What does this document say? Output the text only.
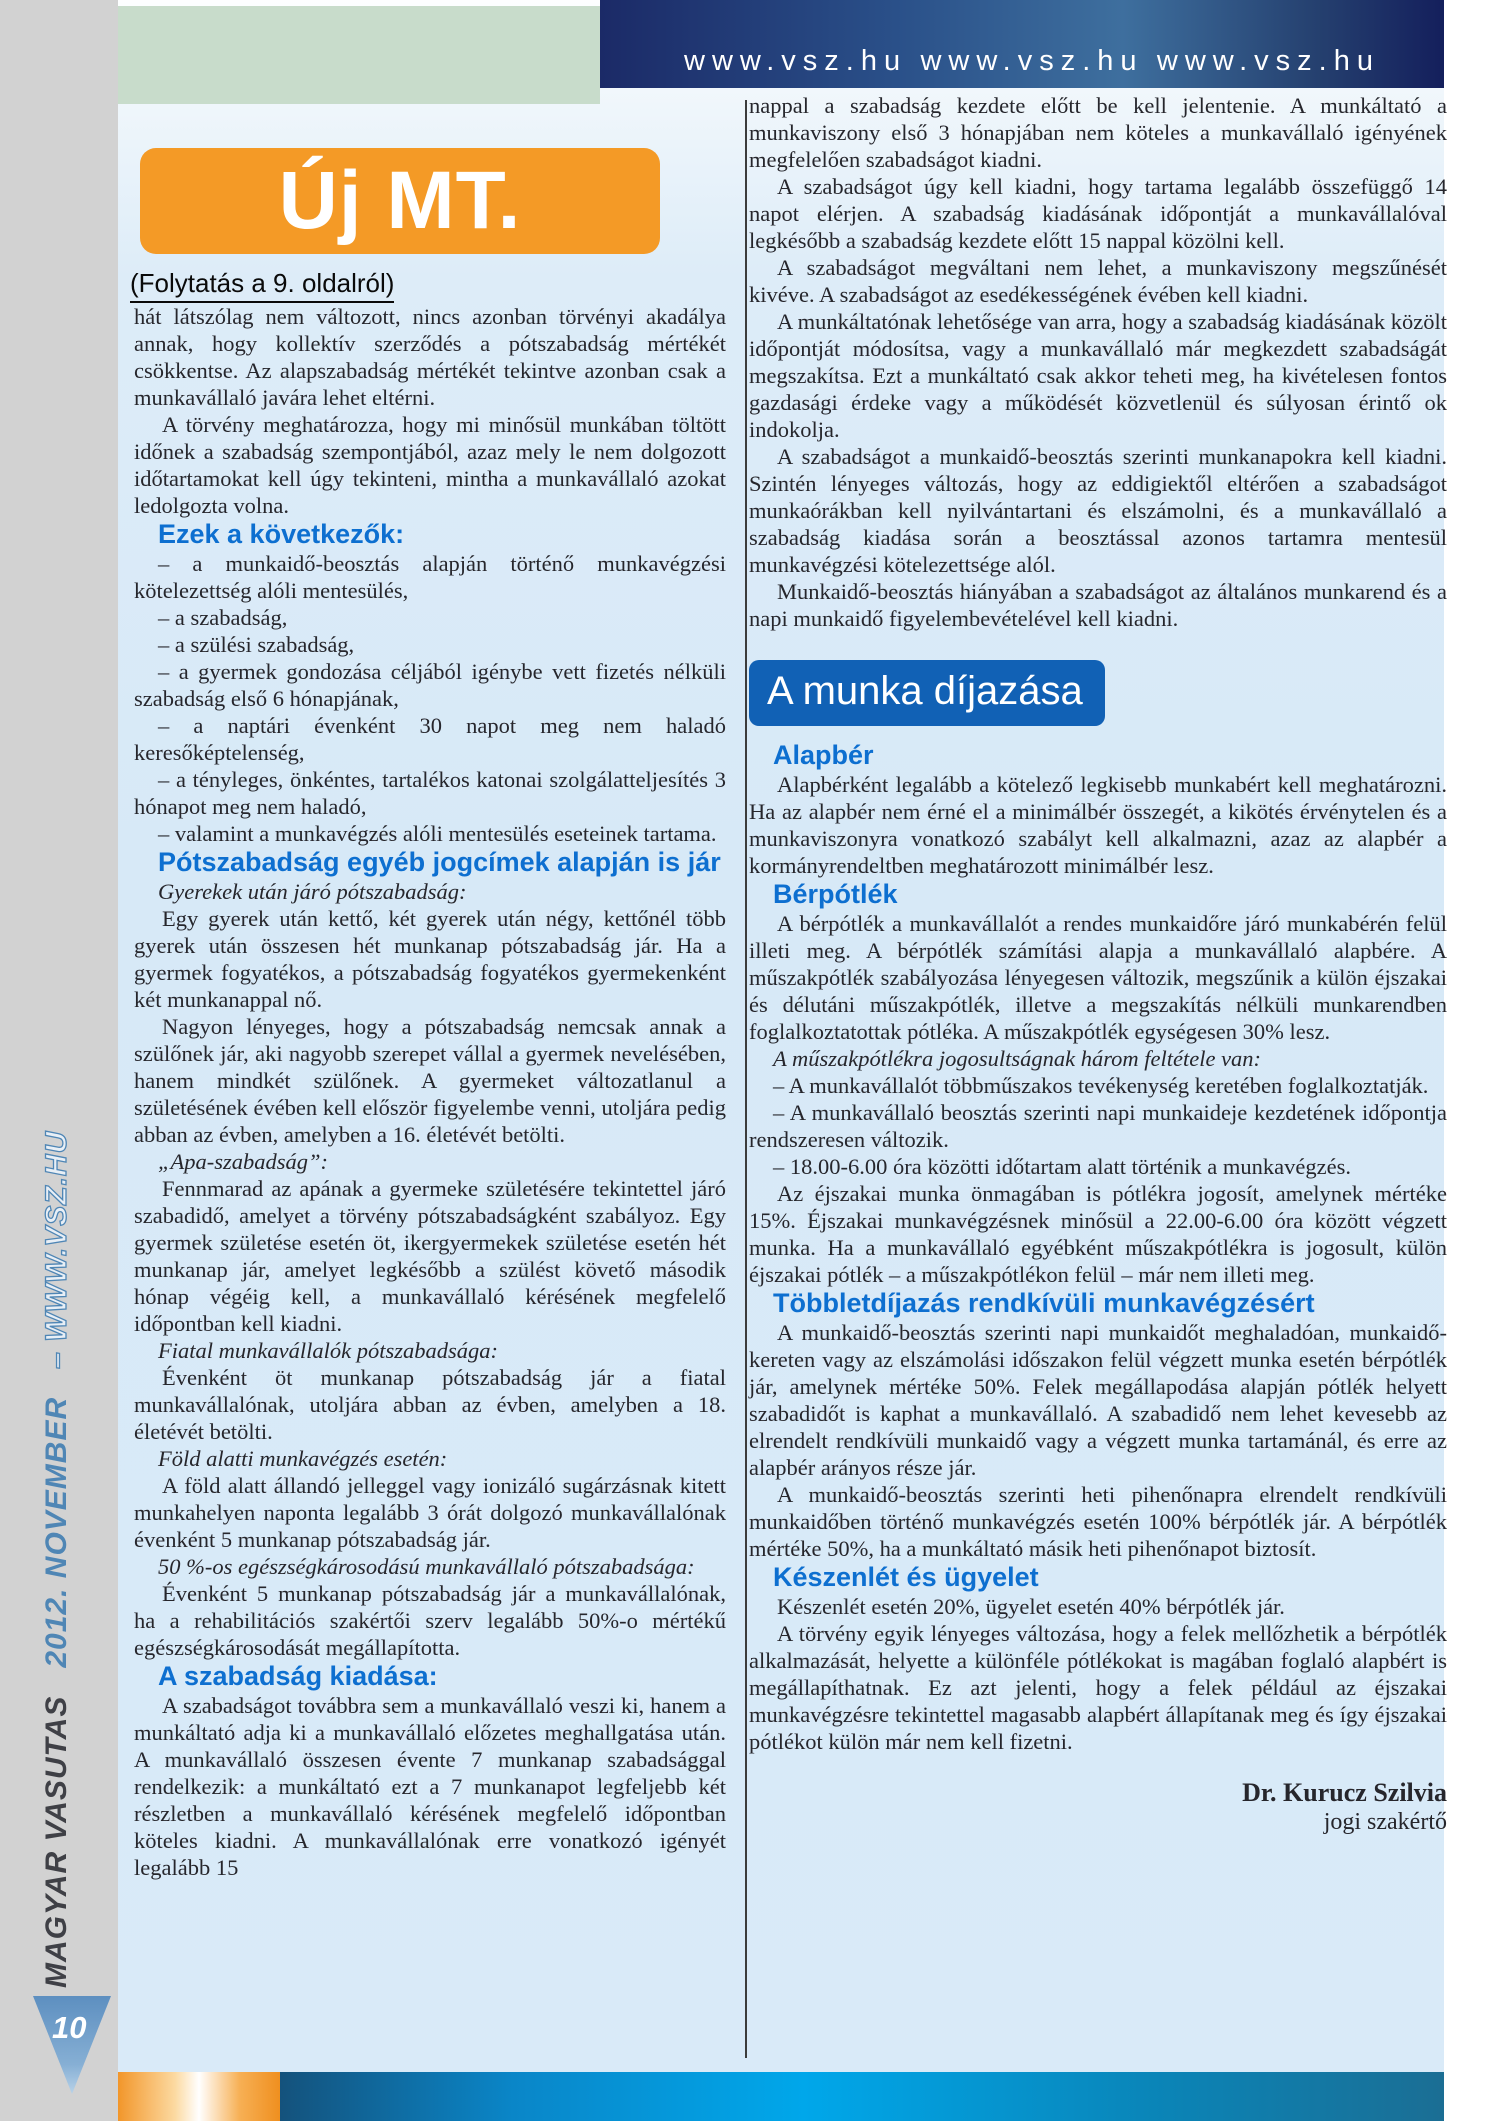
MAGYAR VASUTAS   2012. NOVEMBER   – WWW.VSZ.HU
10
www.vsz.hu www.vsz.hu www.vsz.hu
Új MT.
(Folytatás a 9. oldalról)

hát látszólag nem változott, nincs azonban törvényi akadálya annak, hogy kollektív szerződés a pótszabadság mértékét csökkentse. Az alapszabadság mértékét tekintve azonban csak a munkavállaló javára lehet eltérni.

A törvény meghatározza, hogy mi minősül munkában töltött időnek a szabadság szempontjából, azaz mely le nem dolgozott időtartamokat kell úgy tekinteni, mintha a munkavállaló azokat ledolgozta volna.

Ezek a következők:

– a munkaidő-beosztás alapján történő munkavégzési kötelezettség alóli mentesülés,

– a szabadság,

– a szülési szabadság,

– a gyermek gondozása céljából igénybe vett fizetés nélküli szabadság első 6 hónapjának,

– a naptári évenként 30 napot meg nem haladó keresőképtelenség,

– a tényleges, önkéntes, tartalékos katonai szolgálatteljesítés 3 hónapot meg nem haladó,

– valamint a munkavégzés alóli mentesülés eseteinek tartama.

Pótszabadság egyéb jogcímek alapján is jár

Gyerekek után járó pótszabadság:

Egy gyerek után kettő, két gyerek után négy, kettőnél több gyerek után összesen hét munkanap pótszabadság jár. Ha a gyermek fogyatékos, a pótszabadság fogyatékos gyermekenként két munkanappal nő.

Nagyon lényeges, hogy a pótszabadság nemcsak annak a szülőnek jár, aki nagyobb szerepet vállal a gyermek nevelésében, hanem mindkét szülőnek. A gyermeket változatlanul a születésének évében kell először figyelembe venni, utoljára pedig abban az évben, amelyben a 16. életévét betölti.

„Apa-szabadság”:

Fennmarad az apának a gyermeke születésére tekintettel járó szabadidő, amelyet a törvény pótszabadságként szabályoz. Egy gyermek születése esetén öt, ikergyermekek születése esetén hét munkanap jár, amelyet legkésőbb a szülést követő második hónap végéig kell, a munkavállaló kérésének megfelelő időpontban kell kiadni.

Fiatal munkavállalók pótszabadsága:

Évenként öt munkanap pótszabadság jár a fiatal munkavállalónak, utoljára abban az évben, amelyben a 18. életévét betölti.

Föld alatti munkavégzés esetén:

A föld alatt állandó jelleggel vagy ionizáló sugárzásnak kitett munkahelyen naponta legalább 3 órát dolgozó munkavállalónak évenként 5 munkanap pótszabadság jár.

50 %-os egészségkárosodású munkavállaló pótszabadsága:

Évenként 5 munkanap pótszabadság jár a munkavállalónak, ha a rehabilitációs szakértői szerv legalább 50%-o mértékű egészségkárosodását megállapította.

A szabadság kiadása:

A szabadságot továbbra sem a munkavállaló veszi ki, hanem a munkáltató adja ki a munkavállaló előzetes meghallgatása után. A munkavállaló összesen évente 7 munkanap szabadsággal rendelkezik: a munkáltató ezt a 7 munkanapot legfeljebb két részletben a munkavállaló kérésének megfelelő időpontban köteles kiadni. A munkavállalónak erre vonatkozó igényét legalább 15

nappal a szabadság kezdete előtt be kell jelentenie. A munkáltató a munkaviszony első 3 hónapjában nem köteles a munkavállaló igényének megfelelően szabadságot kiadni.

A szabadságot úgy kell kiadni, hogy tartama legalább összefüggő 14 napot elérjen. A szabadság kiadásának időpontját a munkavállalóval legkésőbb a szabadság kezdete előtt 15 nappal közölni kell.

A szabadságot megváltani nem lehet, a munkaviszony megszűnését kivéve. A szabadságot az esedékességének évében kell kiadni.

A munkáltatónak lehetősége van arra, hogy a szabadság kiadásának közölt időpontját módosítsa, vagy a munkavállaló már megkezdett szabadságát megszakítsa. Ezt a munkáltató csak akkor teheti meg, ha kivételesen fontos gazdasági érdeke vagy a működését közvetlenül és súlyosan érintő ok indokolja.

A szabadságot a munkaidő-beosztás szerinti munkanapokra kell kiadni. Szintén lényeges változás, hogy az eddigiektől eltérően a szabadságot munkaórákban kell nyilvántartani és elszámolni, és a munkavállaló a szabadság kiadása során a beosztással azonos tartamra mentesül munkavégzési kötelezettsége alól.

Munkaidő-beosztás hiányában a szabadságot az általános munkarend és a napi munkaidő figyelembevételével kell kiadni.

A munka díjazása

Alapbér

Alapbérként legalább a kötelező legkisebb munkabért kell meghatározni. Ha az alapbér nem érné el a minimálbér összegét, a kikötés érvénytelen és a munkaviszonyra vonatkozó szabályt kell alkalmazni, azaz az alapbér a kormányrendeltben meghatározott minimálbér lesz.

Bérpótlék

A bérpótlék a munkavállalót a rendes munkaidőre járó munkabérén felül illeti meg. A bérpótlék számítási alapja a munkavállaló alapbére. A műszakpótlék szabályozása lényegesen változik, megszűnik a külön éjszakai és délutáni műszakpótlék, illetve a megszakítás nélküli munkarendben foglalkoztatottak pótléka. A műszakpótlék egységesen 30% lesz.

A műszakpótlékra jogosultságnak három feltétele van:

– A munkavállalót többműszakos tevékenység keretében foglalkoztatják.

– A munkavállaló beosztás szerinti napi munkaideje kezdetének időpontja rendszeresen változik.

– 18.00-6.00 óra közötti időtartam alatt történik a munkavégzés.

Az éjszakai munka önmagában is pótlékra jogosít, amelynek mértéke 15%. Éjszakai munkavégzésnek minősül a 22.00-6.00 óra között végzett munka. Ha a munkavállaló egyébként műszakpótlékra is jogosult, külön éjszakai pótlék – a műszakpótlékon felül – már nem illeti meg.

Többletdíjazás rendkívüli munkavégzésért

A munkaidő-beosztás szerinti napi munkaidőt meghaladóan, munkaidő-kereten vagy az elszámolási időszakon felül végzett munka esetén bérpótlék jár, amelynek mértéke 50%. Felek megállapodása alapján pótlék helyett szabadidőt is kaphat a munkavállaló. A szabadidő nem lehet kevesebb az elrendelt rendkívüli munkaidő vagy a végzett munka tartamánál, és erre az alapbér arányos része jár.

A munkaidő-beosztás szerinti heti pihenőnapra elrendelt rendkívüli munkaidőben történő munkavégzés esetén 100% bérpótlék jár. A bérpótlék mértéke 50%, ha a munkáltató másik heti pihenőnapot biztosít.

Készenlét és ügyelet

Készenlét esetén 20%, ügyelet esetén 40% bérpótlék jár.

A törvény egyik lényeges változása, hogy a felek mellőzhetik a bérpótlék alkalmazását, helyette a különféle pótlékokat is magában foglaló alapbért is megállapíthatnak. Ez azt jelenti, hogy a felek például az éjszakai munkavégzésre tekintettel magasabb alapbért állapítanak meg és így éjszakai pótlékot külön már nem kell fizetni.

Dr. Kurucz Szilvia
jogi szakértő
